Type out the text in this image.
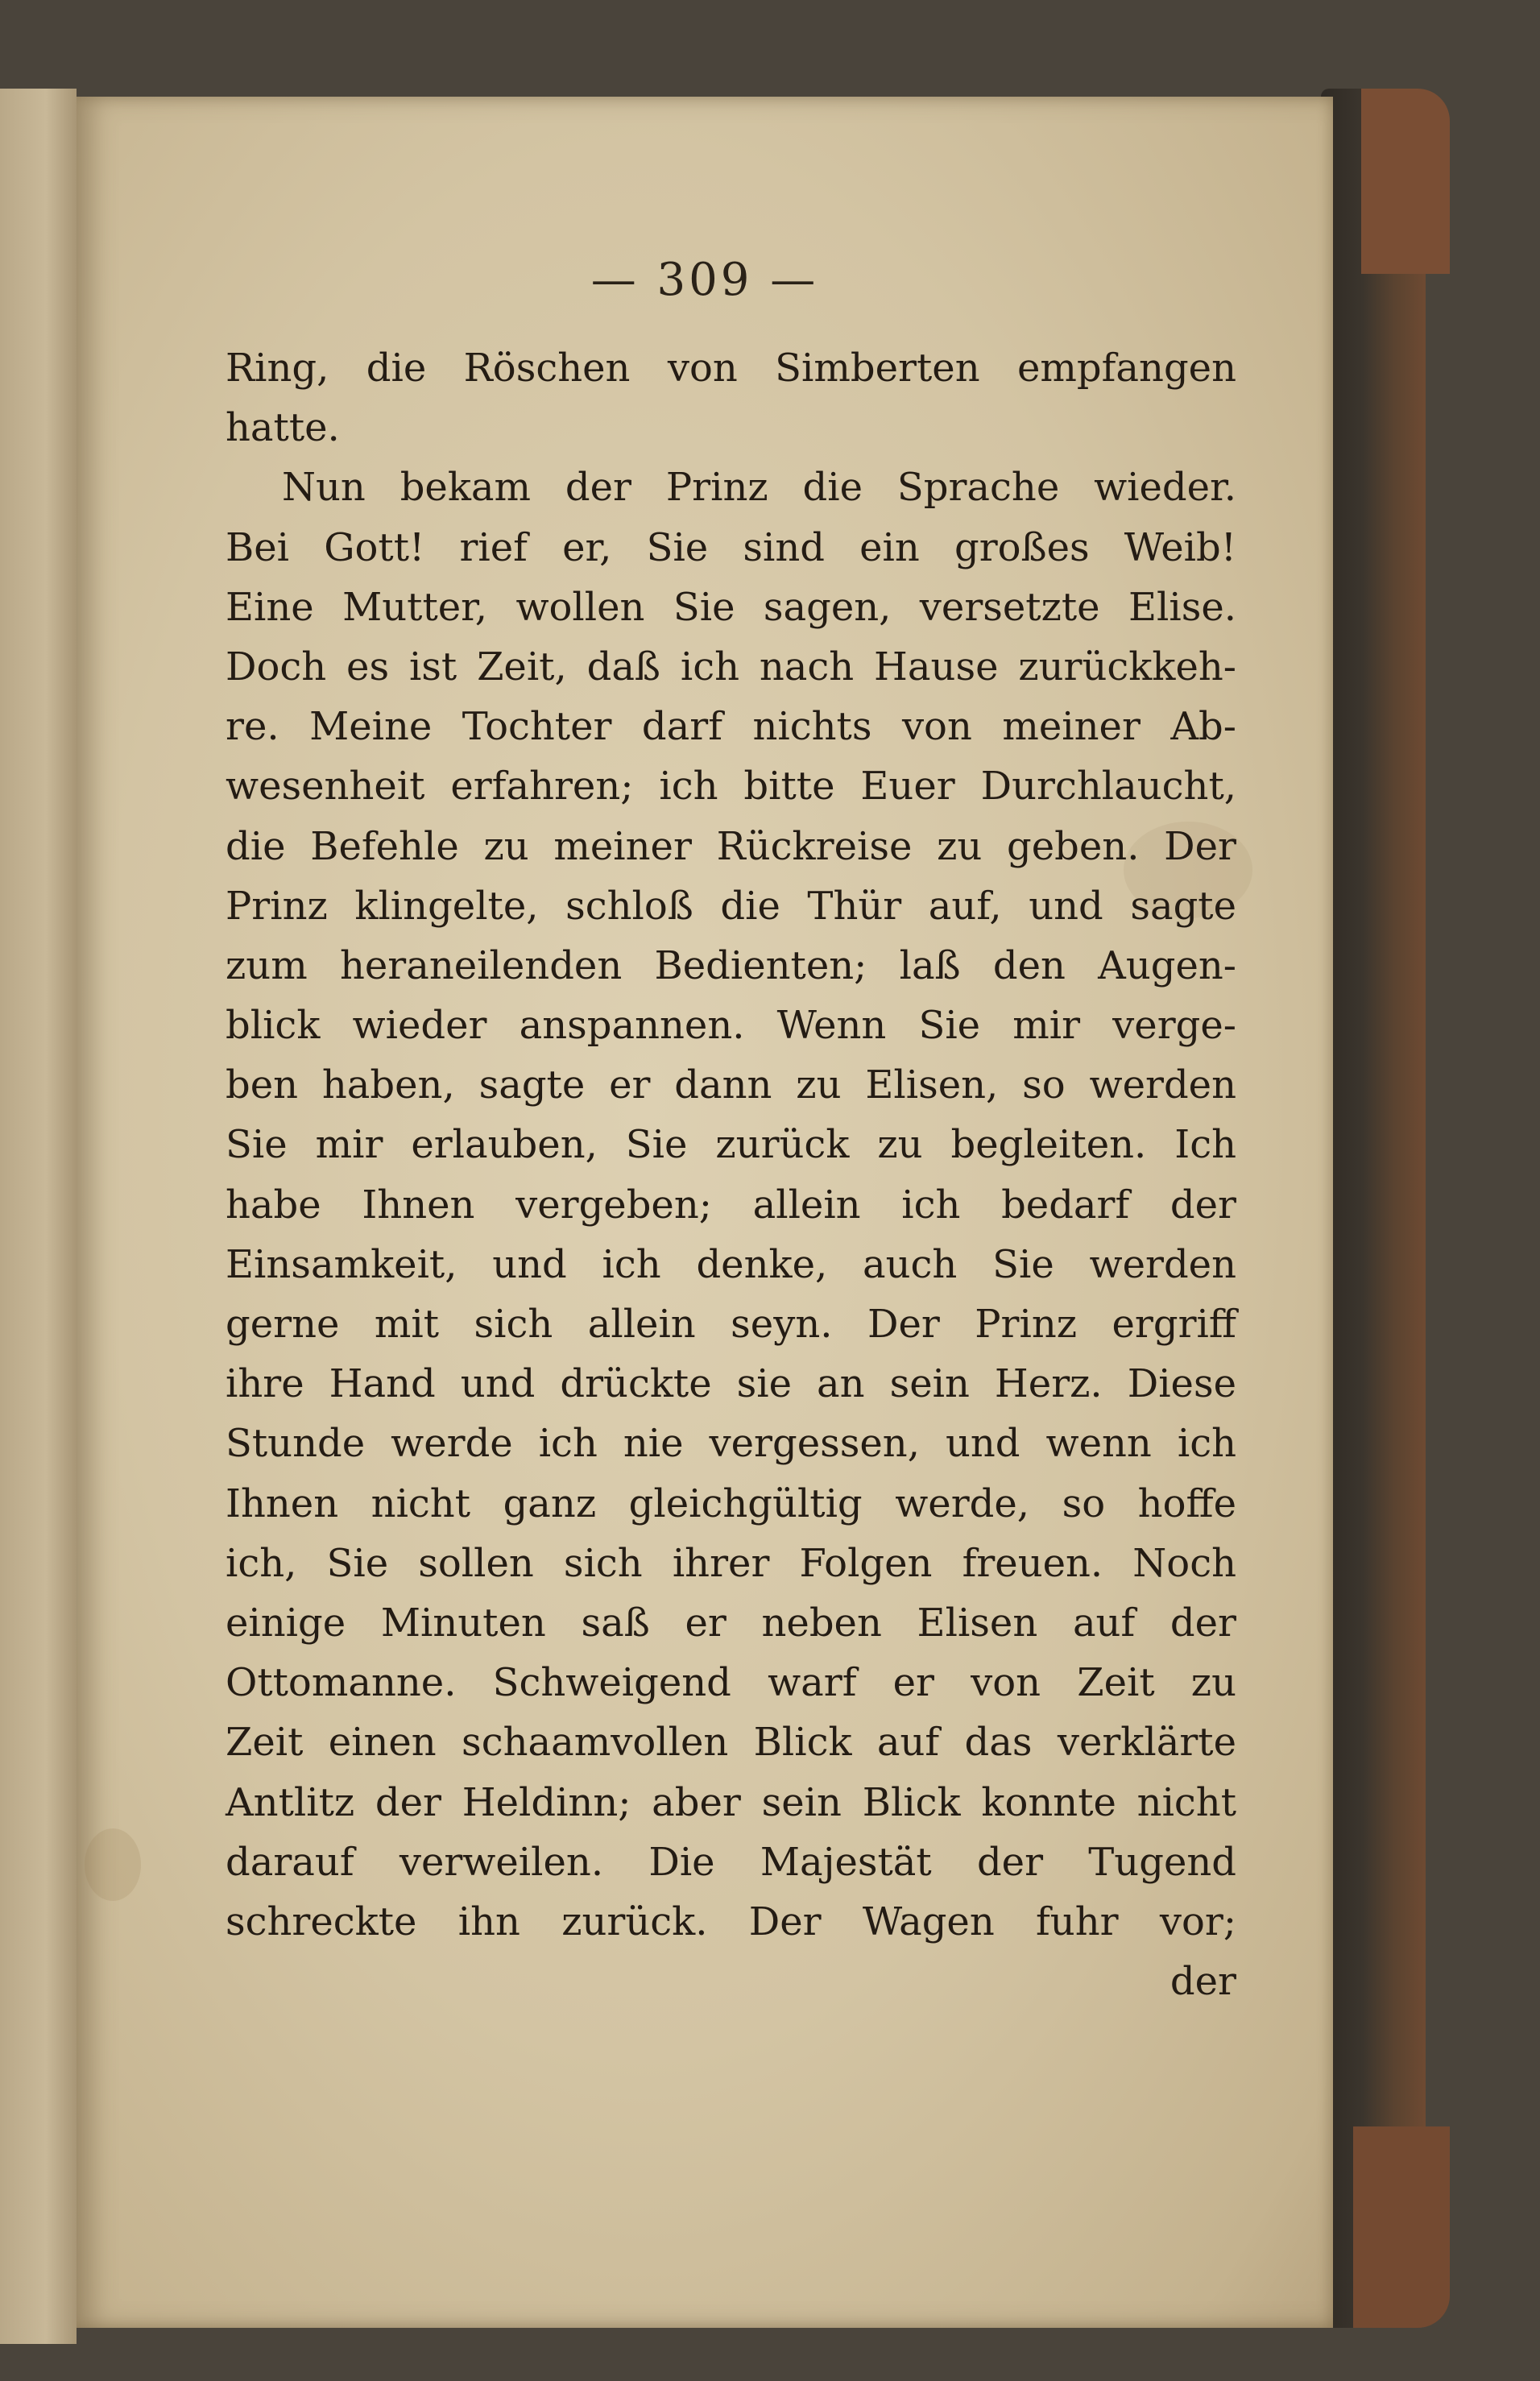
— 309 —
Ring, die Röschen von Simberten empfangen
hatte.
Nun bekam der Prinz die Sprache wieder.
Bei Gott! rief er, Sie sind ein großes Weib!
Eine Mutter, wollen Sie sagen, versetzte Elise.
Doch es ist Zeit, daß ich nach Hause zurückkeh-
re. Meine Tochter darf nichts von meiner Ab-
wesenheit erfahren; ich bitte Euer Durchlaucht,
die Befehle zu meiner Rückreise zu geben. Der
Prinz klingelte, schloß die Thür auf, und sagte
zum heraneilenden Bedienten; laß den Augen-
blick wieder anspannen. Wenn Sie mir verge-
ben haben, sagte er dann zu Elisen, so werden
Sie mir erlauben, Sie zurück zu begleiten. Ich
habe Ihnen vergeben; allein ich bedarf der
Einsamkeit, und ich denke, auch Sie werden
gerne mit sich allein seyn. Der Prinz ergriff
ihre Hand und drückte sie an sein Herz. Diese
Stunde werde ich nie vergessen, und wenn ich
Ihnen nicht ganz gleichgültig werde, so hoffe
ich, Sie sollen sich ihrer Folgen freuen. Noch
einige Minuten saß er neben Elisen auf der
Ottomanne. Schweigend warf er von Zeit zu
Zeit einen schaamvollen Blick auf das verklärte
Antlitz der Heldinn; aber sein Blick konnte nicht
darauf verweilen. Die Majestät der Tugend
schreckte ihn zurück. Der Wagen fuhr vor;
der
